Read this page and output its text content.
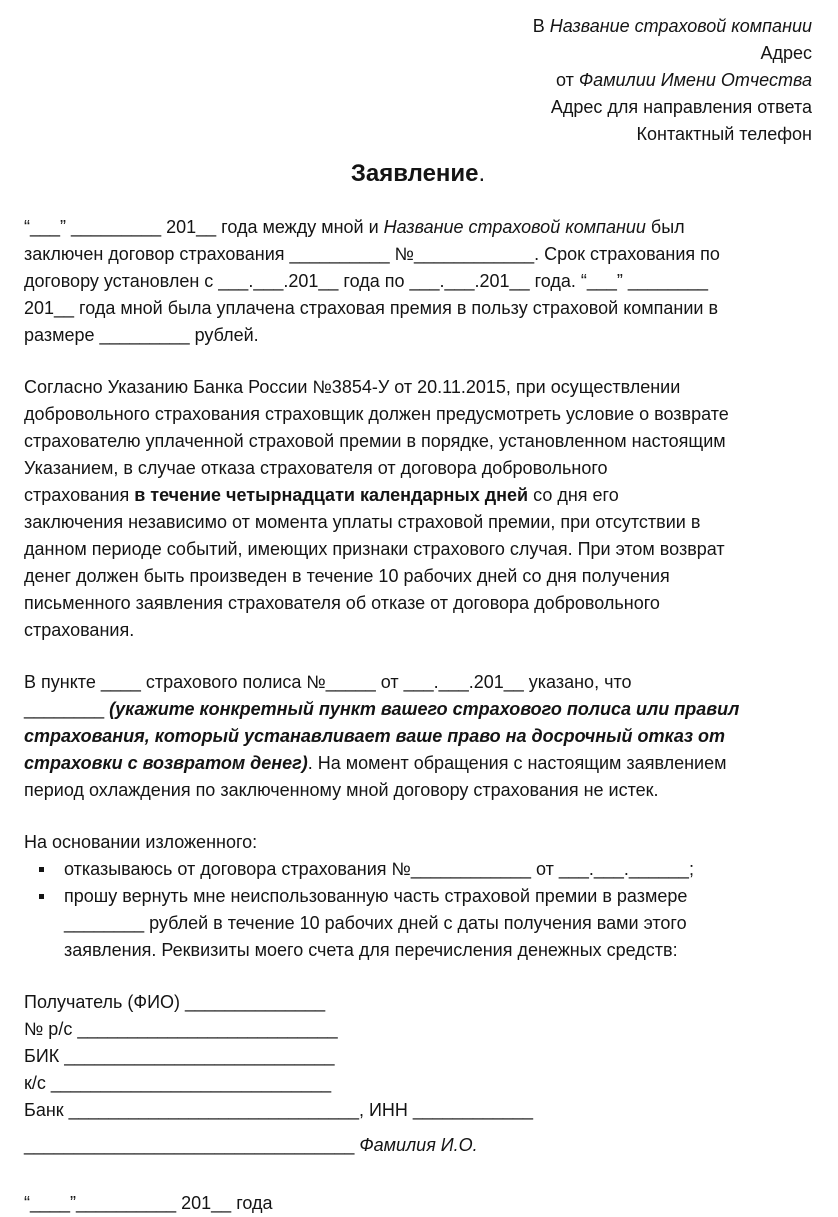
В Название страховой компании
Адрес
от Фамилии Имени Отчества
Адрес для направления ответа
Контактный телефон
Заявление.
“___” _________ 201__ года между мной и Название страховой компании был
заключен договор страхования __________ №____________. Срок страхования по
договору установлен с ___.___.201__ года по ___.___.201__ года. “___” ________
201__ года мной была уплачена страховая премия в пользу страховой компании в
размере _________ рублей.
Согласно Указанию Банка России №3854-У от 20.11.2015, при осуществлении
добровольного страхования страховщик должен предусмотреть условие о возврате
страхователю уплаченной страховой премии в порядке, установленном настоящим
Указанием, в случае отказа страхователя от договора добровольного
страхования в течение четырнадцати календарных дней со дня его
заключения независимо от момента уплаты страховой премии, при отсутствии в
данном периоде событий, имеющих признаки страхового случая. При этом возврат
денег должен быть произведен в течение 10 рабочих дней со дня получения
письменного заявления страхователя об отказе от договора добровольного
страхования.
В пункте ____ страхового полиса №_____ от ___.___.201__ указано, что
________ (укажите конкретный пункт вашего страхового полиса или правил
страхования, который устанавливает ваше право на досрочный отказ от
страховки с возвратом денег). На момент обращения с настоящим заявлением
период охлаждения по заключенному мной договору страхования не истек.
На основании изложенного:
отказываюсь от договора страхования №____________ от ___.___.______;
прошу вернуть мне неиспользованную часть страховой премии в размере
________ рублей в течение 10 рабочих дней с даты получения вами этого
заявления. Реквизиты моего счета для перечисления денежных средств:
Получатель (ФИО) ______________
№ р/с __________________________
БИК ___________________________
к/с ____________________________
Банк _____________________________, ИНН ____________
_________________________________ Фамилия И.О.
“____”__________ 201__ года
